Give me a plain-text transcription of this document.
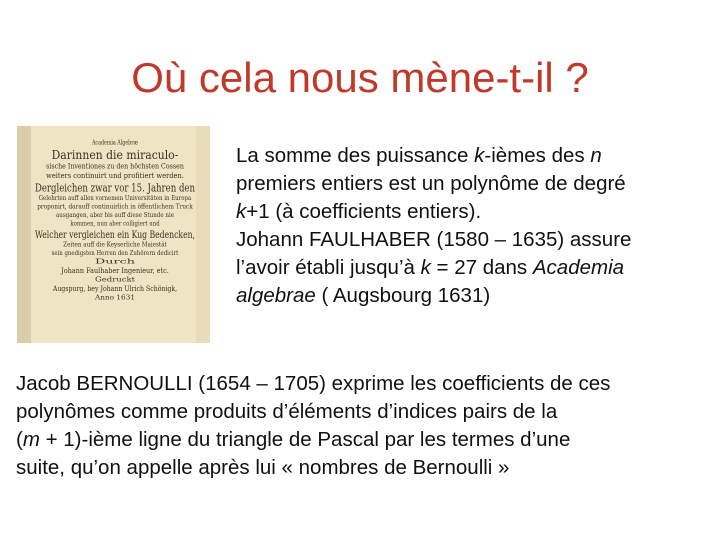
Où cela nous mène-t-il ?
Academia Algebræ
Darinnen die miraculo-
sische Inventiones zu den höchsten Cossen
weiters continuirt und profitiert werden.
Dergleichen zwar vor 15. Jahren den
Gelehrten auff allen vornemen Universitäten in Europa
proponirt, darauff continuirlich in öffentlichem Truck
ausgangen, aber bis auff diese Stunde nie
kommen, nun aber colligiert und
Welcher vergleichen ein Kug Bedencken,
Zeiten auff die Keyserliche Maiestät
sein gnedigsten Herren den Zuhörern dedicirt
Durch
Johann Faulhaber Ingenieur, etc.
Gedruckt
Augspurg, bey Johann Ulrich Schönigk,
Anno 1631

La somme des puissance k-ièmes des n
premiers entiers est un polynôme de degré
k+1 (à coefficients entiers).
Johann FAULHABER (1580 – 1635) assure
l’avoir établi jusqu’à k = 27 dans Academia
algebrae ( Augsbourg 1631)

Jacob BERNOULLI (1654 – 1705) exprime les coefficients de ces
polynômes comme produits d’éléments d’indices pairs de la
(m + 1)-ième ligne du triangle de Pascal par les termes d’une
suite, qu’on appelle après lui « nombres de Bernoulli »
